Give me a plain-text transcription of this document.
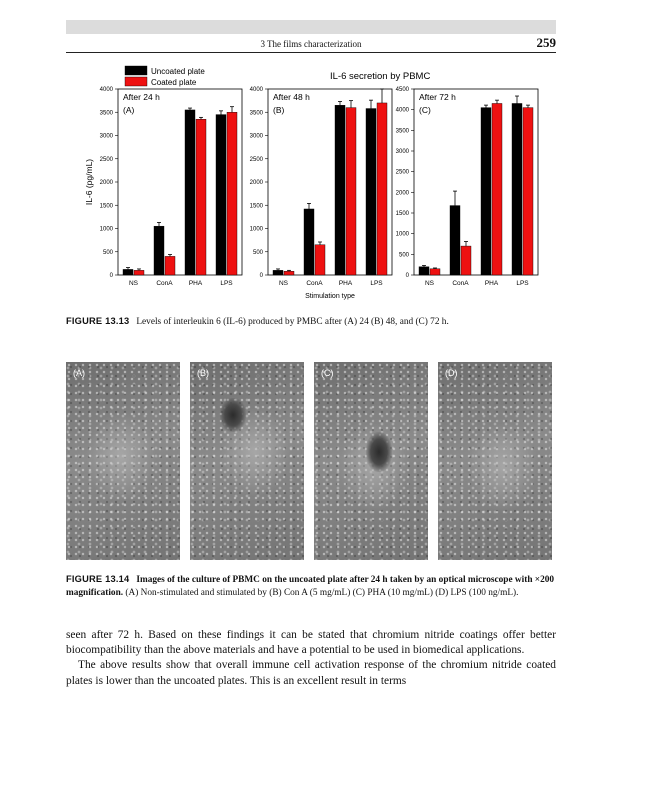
3 The films characterization	259
0
500
1000
1500
2000
2500
3000
3500
4000
After 24 h
(A)
NS	ConA PHA	LPS
0
500
1000
1500
2000
2500
3000
3500
4000
After 48 h
(B)
NS	ConA PHA	LPS
0
500
1000
1500
2000
2500
3000
3500
4000
4500
After 72 h
(C)
NS	ConA PHA	LPS
IL-6 secretion by PBMC
Stimulation type
IL-6 (pg/mL)
Uncoated plate
Coated plate
FIGURE 13.13 Levels of interleukin 6 (IL-6) produced by PMBC after (A) 24 (B) 48, and (C) 72 h.
(A)	(B)	(C)	(D)
FIGURE 13.14 Images of the culture of PBMC on the uncoated plate after 24 h taken by an optical microscope with ×200 magnification. (A) Non-stimulated and stimulated by (B) Con A (5 mg/mL) (C) PHA (10 mg/mL) (D) LPS (100 ng/mL).

seen after 72 h. Based on these findings it can be stated that chromium nitride coatings offer better biocompatibility than the above materials and have a potential to be used in biomedical applications.

The above results show that overall immune cell activation response of the chromium nitride coated plates is lower than the uncoated plates. This is an excellent result in terms
